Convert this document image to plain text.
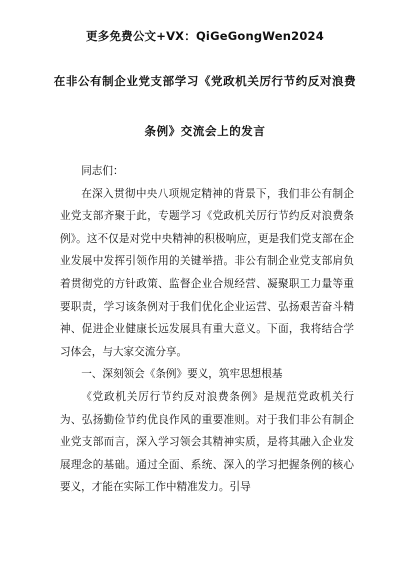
更多免费公文+VX：QiGeGongWen2024
在非公有制企业党支部学习《党政机关厉行节约反对浪费
条例》交流会上的发言

同志们：

在深入贯彻中央八项规定精神的背景下，我们非公有制企业党支部齐聚于此，专题学习《党政机关厉行节约反对浪费条例》。这不仅是对党中央精神的积极响应，更是我们党支部在企业发展中发挥引领作用的关键举措。非公有制企业党支部肩负着贯彻党的方针政策、监督企业合规经营、凝聚职工力量等重要职责，学习该条例对于我们优化企业运营、弘扬艰苦奋斗精神、促进企业健康长远发展具有重大意义。下面，我将结合学习体会，与大家交流分享。

一、深刻领会《条例》要义，筑牢思想根基

《党政机关厉行节约反对浪费条例》是规范党政机关行为、弘扬勤俭节约优良作风的重要准则。对于我们非公有制企业党支部而言，深入学习领会其精神实质，是将其融入企业发展理念的基础。通过全面、系统、深入的学习把握条例的核心要义，才能在实际工作中精准发力。引导
